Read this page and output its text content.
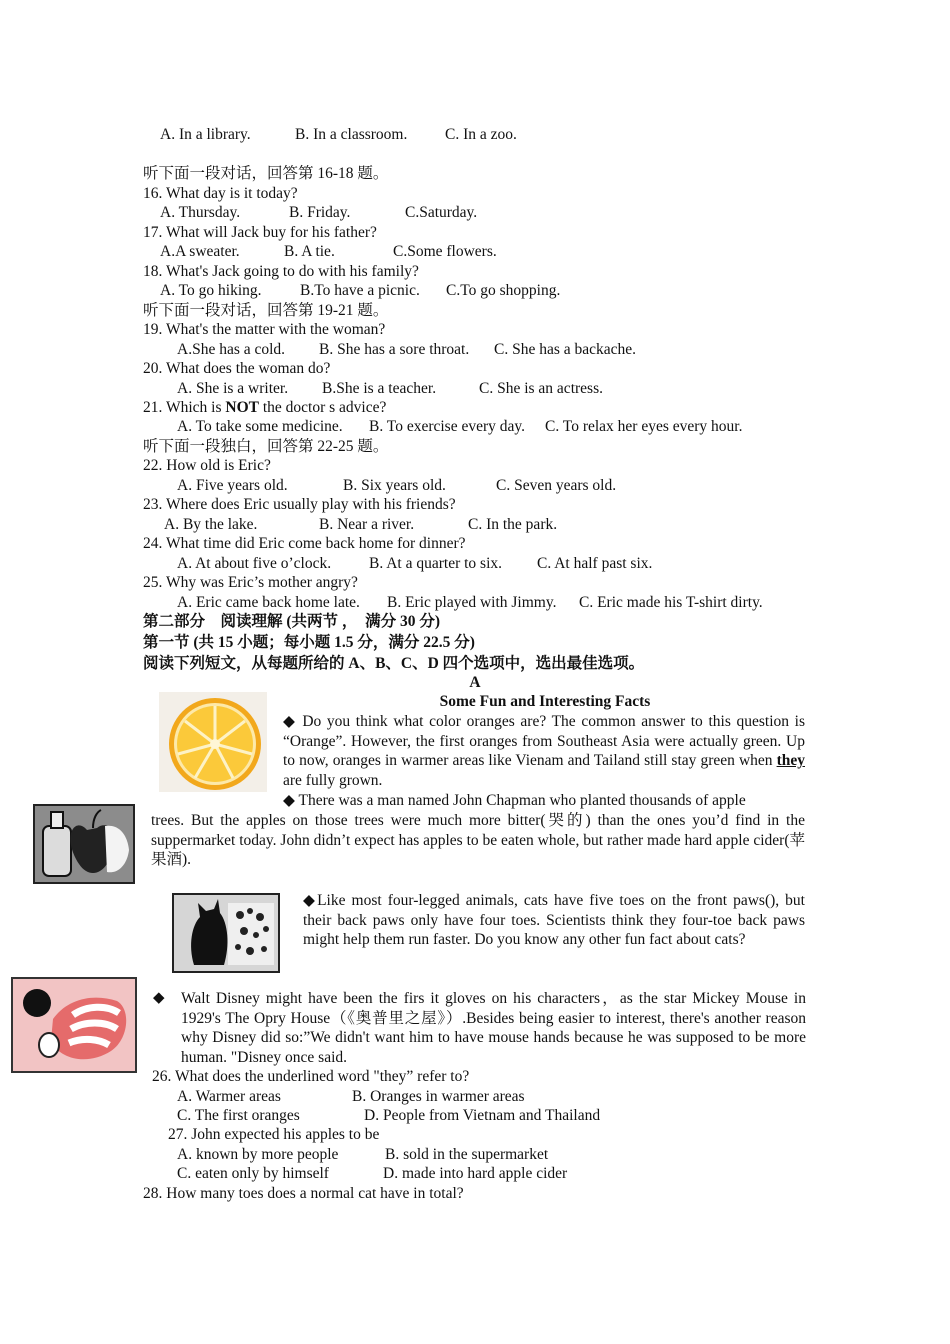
A. In a library.	B. In a classroom. C. In a zoo.
听下面一段对话，回答第 16-18 题。
16. What day is it today?
A. Thursday.	B. Friday.	C.Saturday.
17. What will Jack buy for his father?
A.A sweater.	B. A tie.	C.Some flowers.
18. What's Jack going to do with his family?
A. To go hiking. B.To have a picnic. C.To go shopping.
听下面一段对话，回答第 19-21 题。
19. What's the matter with the woman?
A.She has a cold. B. She has a sore throat. C. She has a backache.
20. What does the woman do?
A. She is a writer. B.She is a teacher.	C. She is an actress.
21. Which is NOT the doctor s advice?
A. To take some medicine. B. To exercise every day. C. To relax her eyes every hour.
听下面一段独白，回答第 22-25 题。
22. How old is Eric?
A. Five years old.	B. Six years old.	C. Seven years old.
23. Where does Eric usually play with his friends?
A. By the lake.	B. Near a river.	C. In the park.
24. What time did Eric come back home for dinner?
A. At about five o’clock. B. At a quarter to six. C. At half past six.
25. Why was Eric’s mother angry?
A. Eric came back home late. B. Eric played with Jimmy. C. Eric made his T-shirt dirty.
第二部分　阅读理解 (共两节 ，　满分 30 分)
第一节 (共 15 小题；每小题 1.5 分，满分 22.5 分)
阅读下列短文，从每题所给的 A、B、C、D 四个选项中，选出最佳选项。
A
Some Fun and Interesting Facts
◆ Do you think what color oranges are? The common answer to this question is “Orange”. However, the first oranges from Southeast Asia were actually green. Up to now, oranges in warmer areas like Vienam and Tailand still stay green when they are fully grown.
◆ There was a man named John Chapman who planted thousands of apple
trees. But the apples on those trees were much more bitter(哭的) than the ones you’d find in the suppermarket today. John didn’t expect has apples to be eaten whole, but rather made hard apple cider(苹果酒).
◆Like most four-legged animals, cats have five toes on the front paws(), but their back paws only have four toes. Scientists think they four-toe back paws might help them run faster. Do you know any other fun fact about cats?
◆ Walt Disney might have been the firs it gloves on his characters，as the star Mickey Mouse in 1929's The Opry House（《奥普里之屋》）.Besides being easier to interest, there's another reason why Disney did so:”We didn't want him to have mouse hands because he was supposed to be more human. "Disney once said.
26. What does the underlined word "they” refer to?
A. Warmer areas	B. Oranges in warmer areas
C. The first oranges	D. People from Vietnam and Thailand
27. John expected his apples to be
A. known by more people	B. sold in the supermarket
C. eaten only by himself	D. made into hard apple cider
28. How many toes does a normal cat have in total?
